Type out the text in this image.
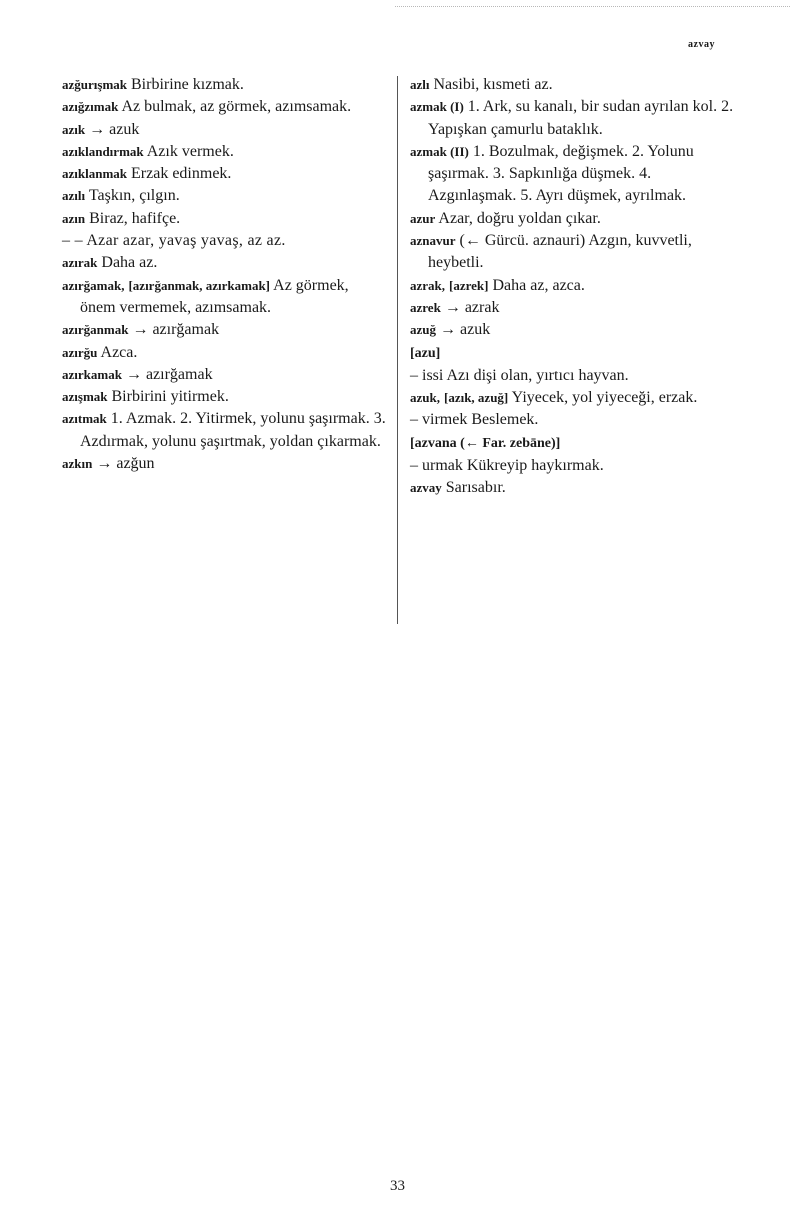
azvay

azğurışmak Birbirine kızmak.

azığzımak Az bulmak, az görmek, azımsamak.

azık → azuk

azıklandırmak Azık vermek.

azıklanmak Erzak edinmek.

azılı Taşkın, çılgın.

azın Biraz, hafifçe.

– – Azar azar, yavaş yavaş, az az.

azırak Daha az.

azırğamak, [azırğanmak, azırkamak] Az görmek, önem vermemek, azımsamak.

azırğanmak → azırğamak

azırğu Azca.

azırkamak → azırğamak

azışmak Birbirini yitirmek.

azıtmak 1. Azmak. 2. Yitirmek, yolunu şaşırmak. 3. Azdırmak, yolunu şaşırtmak, yoldan çıkarmak.

azkın → azğun

azlı Nasibi, kısmeti az.

azmak (I) 1. Ark, su kanalı, bir sudan ayrılan kol. 2. Yapışkan çamurlu bataklık.

azmak (II) 1. Bozulmak, değişmek. 2. Yolunu şaşırmak. 3. Sapkınlığa düşmek. 4. Azgınlaşmak. 5. Ayrı düşmek, ayrılmak.

azur Azar, doğru yoldan çıkar.

aznavur (← Gürcü. aznauri) Azgın, kuvvetli, heybetli.

azrak, [azrek] Daha az, azca.

azrek → azrak

azuğ → azuk

[azu]

– issi Azı dişi olan, yırtıcı hayvan.

azuk, [azık, azuğ] Yiyecek, yol yiyeceği, erzak.

– virmek Beslemek.

[azvana (← Far. zebāne)]

– urmak Kükreyip haykırmak.

azvay Sarısabır.

33
